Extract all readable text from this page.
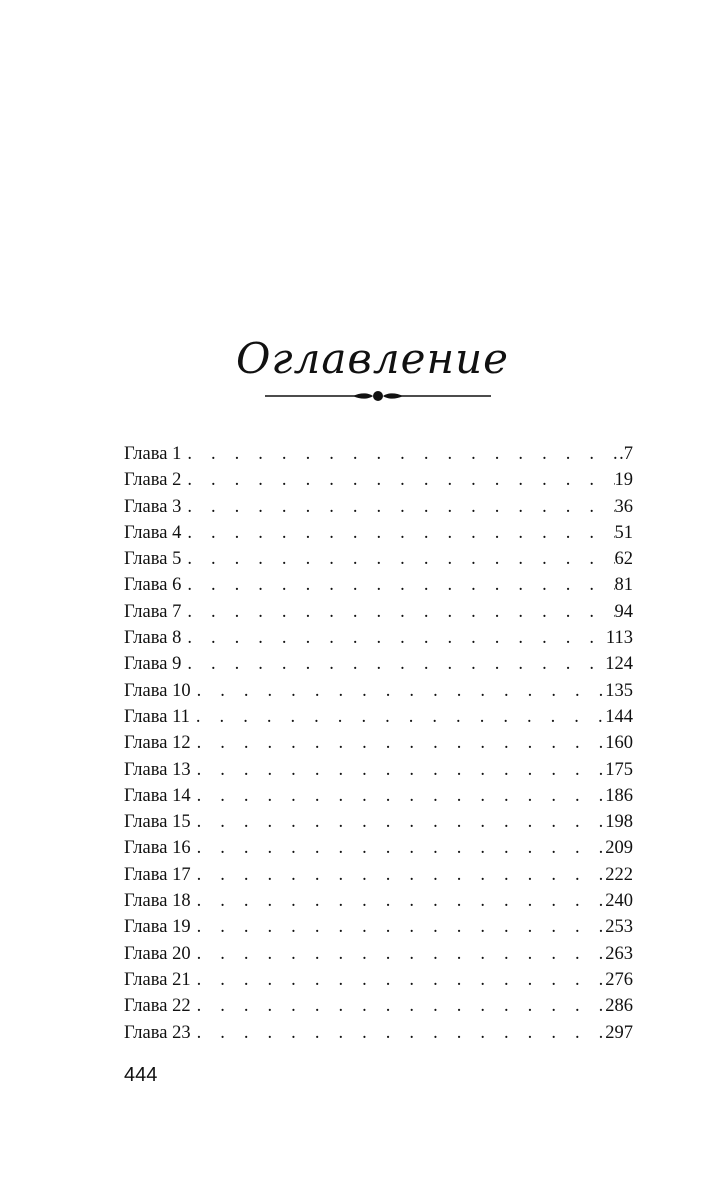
Оглавление
Глава 1 . . .	.7
Глава 2 . . .	19
Глава 3 . . .	36
Глава 4 . . .	51
Глава 5 . . .	62
Глава 6 . . .	81
Глава 7 . . .	94
Глава 8 . . .	113
Глава 9 . . .	124
Глава 10 . . .	135
Глава 11 . . .	144
Глава 12 . . .	160
Глава 13 . . .	175
Глава 14 . . .	186
Глава 15 . . .	198
Глава 16 . . .	209
Глава 17 . . .	222
Глава 18 . . .	240
Глава 19 . . .	253
Глава 20 . . .	263
Глава 21 . . .	276
Глава 22 . . .	286
Глава 23 . . .	297
444
